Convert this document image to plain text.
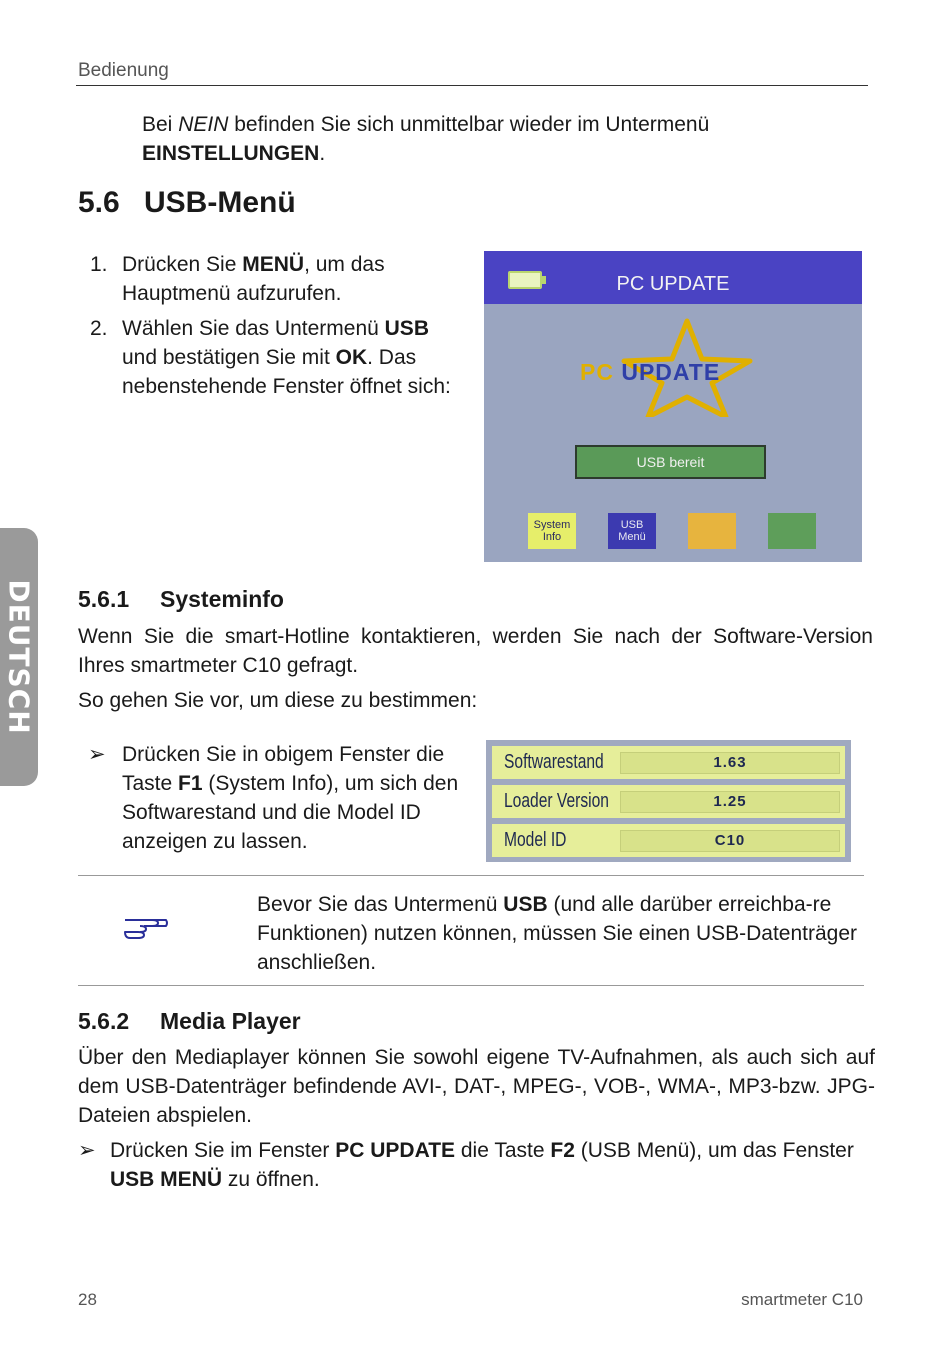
Bedienung
Bei NEIN befinden Sie sich unmittelbar wieder im Untermenü
EINSTELLUNGEN.
5.6 USB-Menü
1. Drücken Sie MENÜ, um das Hauptmenü aufzurufen.
2. Wählen Sie das Untermenü USB und bestätigen Sie mit OK. Das nebenstehende Fenster öffnet sich:
PC UPDATE
PC UPDATE
USB bereit
System Info
USB Menü
DEUTSCH 5.6.1 Systeminfo
Wenn Sie die smart-Hotline kontaktieren, werden Sie nach der Software-Version Ihres smartmeter C10 gefragt.
So gehen Sie vor, um diese zu bestimmen:
➢ Drücken Sie in obigem Fenster die Taste F1 (System Info), um sich den Softwarestand und die Model ID anzeigen zu lassen.
Softwarestand	1.63
Loader Version	1.25
Model ID	C10
Bevor Sie das Untermenü USB (und alle darüber erreichba-re Funktionen) nutzen können, müssen Sie einen USB-Datenträger anschließen.
5.6.2 Media Player
Über den Mediaplayer können Sie sowohl eigene TV-Aufnahmen, als auch sich auf dem USB-Datenträger befindende AVI-, DAT-, MPEG-, VOB-, WMA-, MP3-bzw. JPG-Dateien abspielen.
➢ Drücken Sie im Fenster PC UPDATE die Taste F2 (USB Menü), um das Fenster USB MENÜ zu öffnen.
28	smartmeter C10
